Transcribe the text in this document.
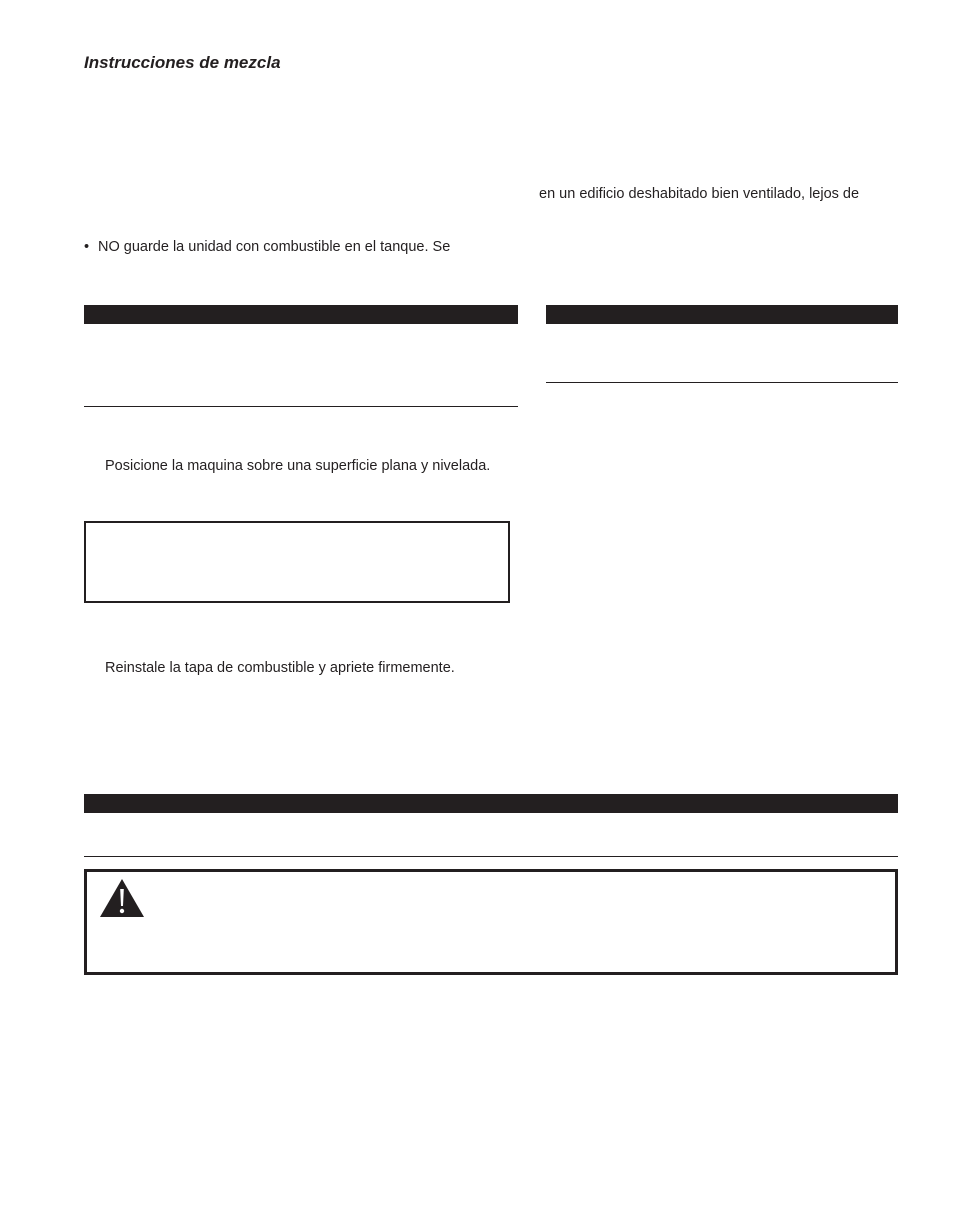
Instrucciones de mezcla
en un edificio deshabitado bien ventilado, lejos de
• NO guarde la unidad con combustible en el tanque. Se
Posicione la maquina sobre una superficie plana y nivelada.
Reinstale la tapa de combustible y apriete firmemente.
